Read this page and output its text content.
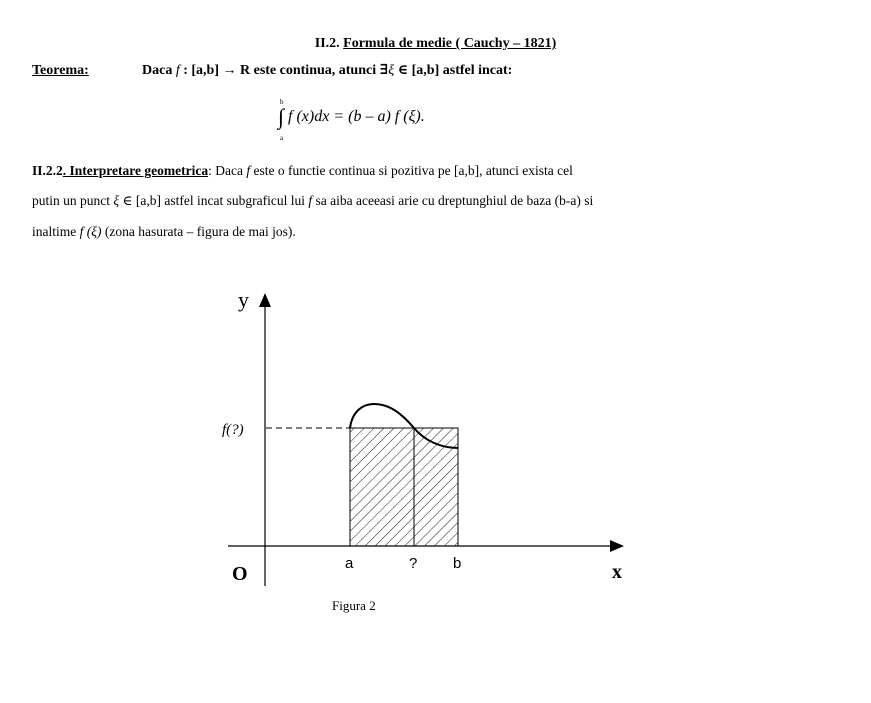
II.2. Formula de medie ( Cauchy – 1821)
Teorema:	Daca f : [a,b] → R este continua, atunci ∃ξ ∈ [a,b] astfel incat:
b
∫
a
f (x)dx = (b – a) f (ξ).
II.2.2. Interpretare geometrica: Daca f este o functie continua si pozitiva pe [a,b], atunci exista cel
putin un punct ξ ∈ [a,b] astfel incat subgraficul lui f sa aiba aceeasi arie cu dreptunghiul de baza (b-a) si
inaltime f (ξ) (zona hasurata – figura de mai jos).
y
x
O
f(?)
a	? b
Figura 2
